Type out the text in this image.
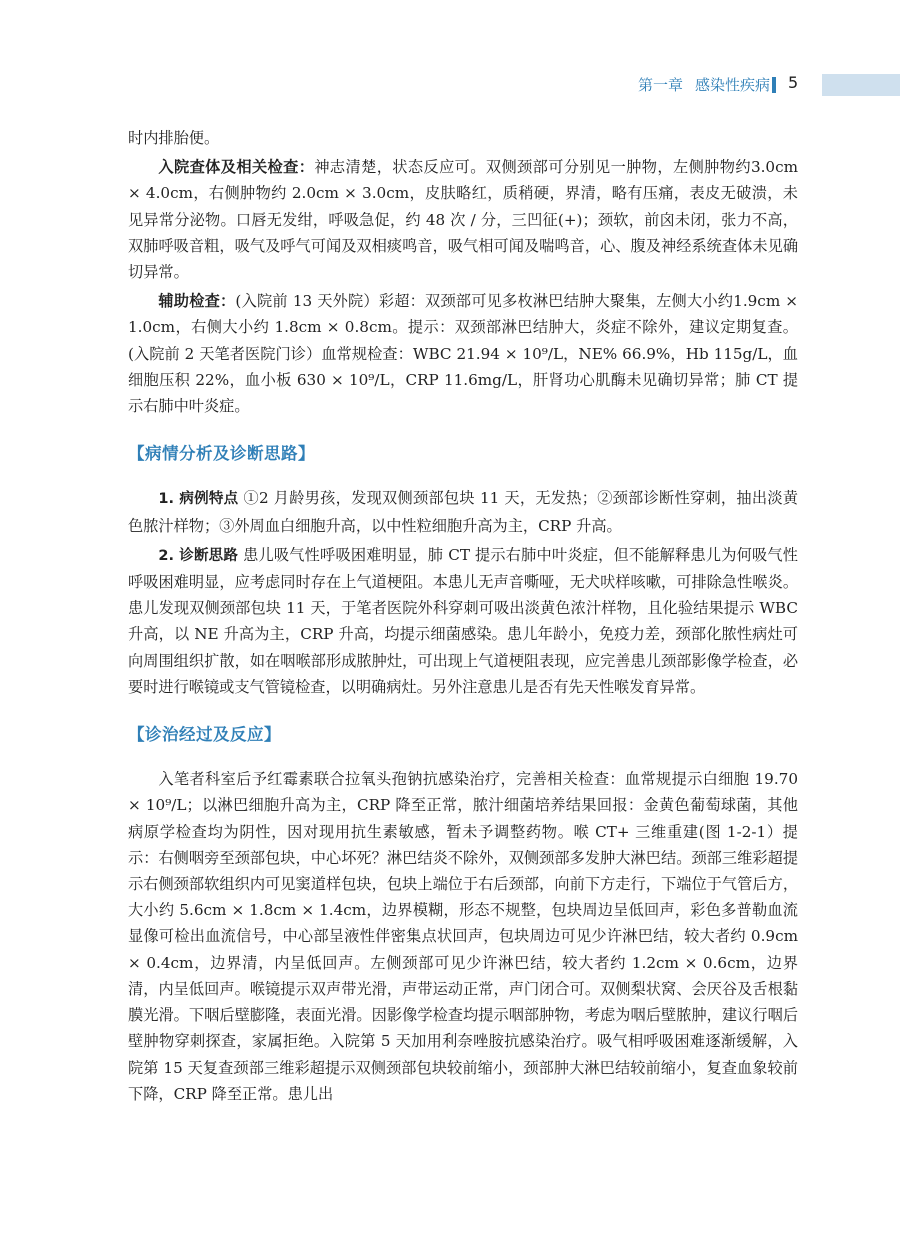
第一章 感染性疾病 5

时内排胎便。

入院查体及相关检查：神志清楚，状态反应可。双侧颈部可分别见一肿物，左侧肿物约3.0cm × 4.0cm，右侧肿物约 2.0cm × 3.0cm，皮肤略红，质稍硬，界清，略有压痛，表皮无破溃，未见异常分泌物。口唇无发绀，呼吸急促，约 48 次 / 分，三凹征(+)；颈软，前囟未闭，张力不高，双肺呼吸音粗，吸气及呼气可闻及双相痰鸣音，吸气相可闻及喘鸣音，心、腹及神经系统查体未见确切异常。

辅助检查：(入院前 13 天外院）彩超：双颈部可见多枚淋巴结肿大聚集，左侧大小约1.9cm × 1.0cm，右侧大小约 1.8cm × 0.8cm。提示：双颈部淋巴结肿大，炎症不除外，建议定期复查。(入院前 2 天笔者医院门诊）血常规检查：WBC 21.94 × 10⁹/L，NE% 66.9%，Hb 115g/L，血细胞压积 22%，血小板 630 × 10⁹/L，CRP 11.6mg/L，肝肾功心肌酶未见确切异常；肺 CT 提示右肺中叶炎症。

【病情分析及诊断思路】

1. 病例特点 ①2 月龄男孩，发现双侧颈部包块 11 天，无发热；②颈部诊断性穿刺，抽出淡黄色脓汁样物；③外周血白细胞升高，以中性粒细胞升高为主，CRP 升高。

2. 诊断思路 患儿吸气性呼吸困难明显，肺 CT 提示右肺中叶炎症，但不能解释患儿为何吸气性呼吸困难明显，应考虑同时存在上气道梗阻。本患儿无声音嘶哑，无犬吠样咳嗽，可排除急性喉炎。患儿发现双侧颈部包块 11 天，于笔者医院外科穿刺可吸出淡黄色浓汁样物，且化验结果提示 WBC 升高，以 NE 升高为主，CRP 升高，均提示细菌感染。患儿年龄小，免疫力差，颈部化脓性病灶可向周围组织扩散，如在咽喉部形成脓肿灶，可出现上气道梗阻表现，应完善患儿颈部影像学检查，必要时进行喉镜或支气管镜检查，以明确病灶。另外注意患儿是否有先天性喉发育异常。

【诊治经过及反应】

入笔者科室后予红霉素联合拉氧头孢钠抗感染治疗，完善相关检查：血常规提示白细胞 19.70 × 10⁹/L；以淋巴细胞升高为主，CRP 降至正常，脓汁细菌培养结果回报：金黄色葡萄球菌，其他病原学检查均为阴性，因对现用抗生素敏感，暂未予调整药物。喉 CT+ 三维重建(图 1-2-1）提示：右侧咽旁至颈部包块，中心坏死？淋巴结炎不除外，双侧颈部多发肿大淋巴结。颈部三维彩超提示右侧颈部软组织内可见窦道样包块，包块上端位于右后颈部，向前下方走行，下端位于气管后方，大小约 5.6cm × 1.8cm × 1.4cm，边界模糊，形态不规整，包块周边呈低回声，彩色多普勒血流显像可检出血流信号，中心部呈液性伴密集点状回声，包块周边可见少许淋巴结，较大者约 0.9cm × 0.4cm，边界清，内呈低回声。左侧颈部可见少许淋巴结，较大者约 1.2cm × 0.6cm，边界清，内呈低回声。喉镜提示双声带光滑，声带运动正常，声门闭合可。双侧梨状窝、会厌谷及舌根黏膜光滑。下咽后壁膨隆，表面光滑。因影像学检查均提示咽部肿物，考虑为咽后壁脓肿，建议行咽后壁肿物穿刺探查，家属拒绝。入院第 5 天加用利奈唑胺抗感染治疗。吸气相呼吸困难逐渐缓解，入院第 15 天复查颈部三维彩超提示双侧颈部包块较前缩小，颈部肿大淋巴结较前缩小，复查血象较前下降，CRP 降至正常。患儿出
